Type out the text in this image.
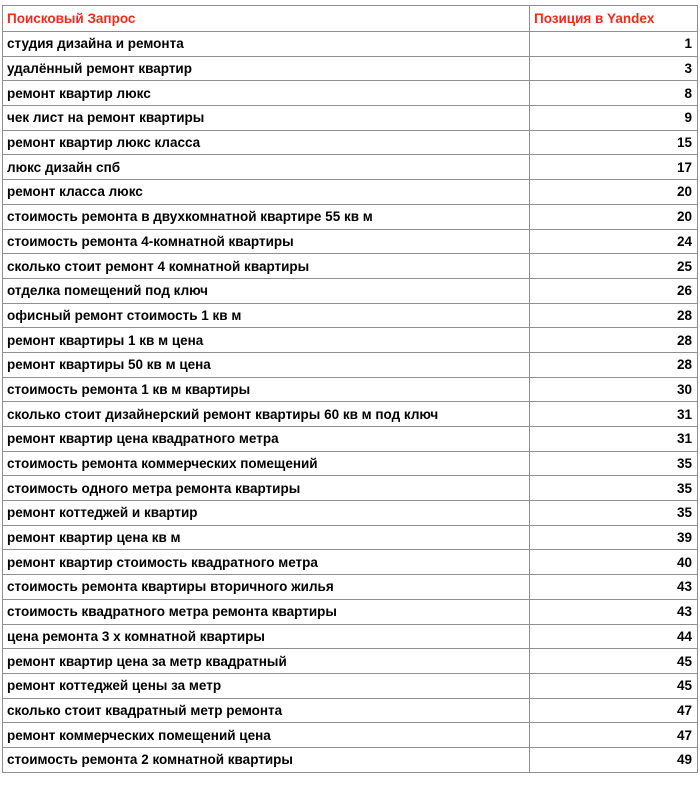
Поисковый Запрос	Позиция в Yandex
студия дизайна и ремонта	1
удалённый ремонт квартир	3
ремонт квартир люкс	8
чек лист на ремонт квартиры	9
ремонт квартир люкс класса	15
люкс дизайн спб	17
ремонт класса люкс	20
стоимость ремонта в двухкомнатной квартире 55 кв м	20
стоимость ремонта 4-комнатной квартиры	24
сколько стоит ремонт 4 комнатной квартиры	25
отделка помещений под ключ	26
офисный ремонт стоимость 1 кв м	28
ремонт квартиры 1 кв м цена	28
ремонт квартиры 50 кв м цена	28
стоимость ремонта 1 кв м квартиры	30
сколько стоит дизайнерский ремонт квартиры 60 кв м под ключ	31
ремонт квартир цена квадратного метра	31
стоимость ремонта коммерческих помещений	35
стоимость одного метра ремонта квартиры	35
ремонт коттеджей и квартир	35
ремонт квартир цена кв м	39
ремонт квартир стоимость квадратного метра	40
стоимость ремонта квартиры вторичного жилья	43
стоимость квадратного метра ремонта квартиры	43
цена ремонта 3 х комнатной квартиры	44
ремонт квартир цена за метр квадратный	45
ремонт коттеджей цены за метр	45
сколько стоит квадратный метр ремонта	47
ремонт коммерческих помещений цена	47
стоимость ремонта 2 комнатной квартиры	49
